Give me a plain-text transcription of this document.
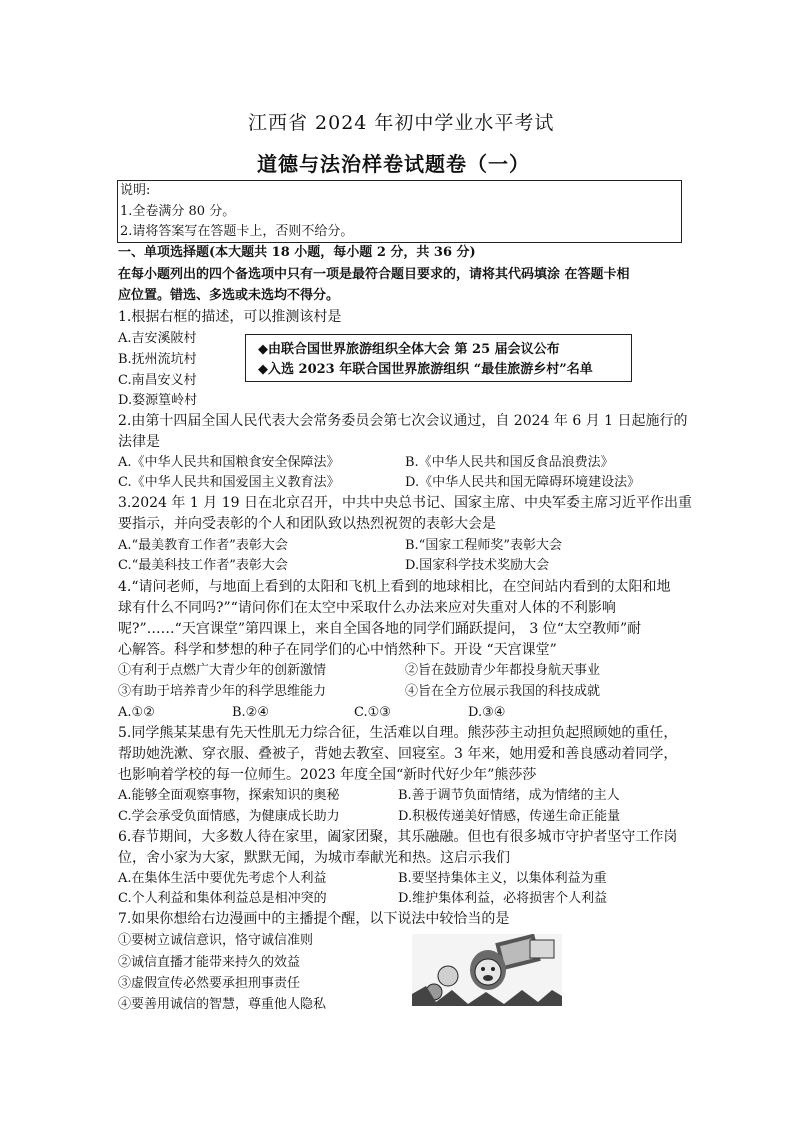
江西省 2024 年初中学业水平考试
道德与法治样卷试题卷（一）
说明:
1.全卷满分 80 分。
2.请将答案写在答题卡上，否则不给分。
一、单项选择题(本大题共 18 小题，每小题 2 分，共 36 分)
在每小题列出的四个备选项中只有一项是最符合题目要求的，请将其代码填涂 在答题卡相
应位置。错选、多选或未选均不得分。
1.根据右框的描述，可以推测该村是
A.吉安溪陂村
B.抚州流坑村
C.南昌安义村
D.婺源篁岭村
◆由联合国世界旅游组织全体大会 第 25 届会议公布
◆入选 2023 年联合国世界旅游组织 “最佳旅游乡村”名单
2.由第十四届全国人民代表大会常务委员会第七次会议通过，自 2024 年 6 月 1 日起施行的
法律是
A.《中华人民共和国粮食安全保障法》	B.《中华人民共和国反食品浪费法》
C.《中华人民共和国爱国主义教育法》	D.《中华人民共和国无障碍环境建设法》
3.2024 年 1 月 19 日在北京召开，中共中央总书记、国家主席、中央军委主席习近平作出重
要指示，并向受表彰的个人和团队致以热烈祝贺的表彰大会是
A.“最美教育工作者”表彰大会	B.“国家工程师奖”表彰大会
C.“最美科技工作者”表彰大会	D.国家科学技术奖励大会
4.“请问老师，与地面上看到的太阳和飞机上看到的地球相比，在空间站内看到的太阳和地
球有什么不同吗?”“请问你们在太空中采取什么办法来应对失重对人体的不利影响
呢?”……“天宫课堂”第四课上，来自全国各地的同学们踊跃提问， 3 位“太空教师”耐
心解答。科学和梦想的种子在同学们的心中悄然种下。开设 “天宫课堂”
①有利于点燃广大青少年的创新激情	②旨在鼓励青少年都投身航天事业
③有助于培养青少年的科学思维能力	④旨在全方位展示我国的科技成就
A.①②	B.②④	C.①③	D.③④
5.同学熊某某患有先天性肌无力综合征，生活难以自理。熊莎莎主动担负起照顾她的重任，
帮助她洗漱、穿衣服、叠被子，背她去教室、回寝室。3 年来，她用爱和善良感动着同学，
也影响着学校的每一位师生。2023 年度全国“新时代好少年”熊莎莎
A.能够全面观察事物，探索知识的奥秘	B.善于调节负面情绪，成为情绪的主人
C.学会承受负面情感，为健康成长助力	D.积极传递美好情感，传递生命正能量
6.春节期间，大多数人待在家里，阖家团聚，其乐融融。但也有很多城市守护者坚守工作岗
位，舍小家为大家，默默无闻，为城市奉献光和热。这启示我们
A.在集体生活中要优先考虑个人利益	B.要坚持集体主义，以集体利益为重
C.个人利益和集体利益总是相冲突的	D.维护集体利益，必将损害个人利益
7.如果你想给右边漫画中的主播提个醒，以下说法中较恰当的是
①要树立诚信意识，恪守诚信准则
②诚信直播才能带来持久的效益
③虚假宣传必然要承担刑事责任
④要善用诚信的智慧，尊重他人隐私
